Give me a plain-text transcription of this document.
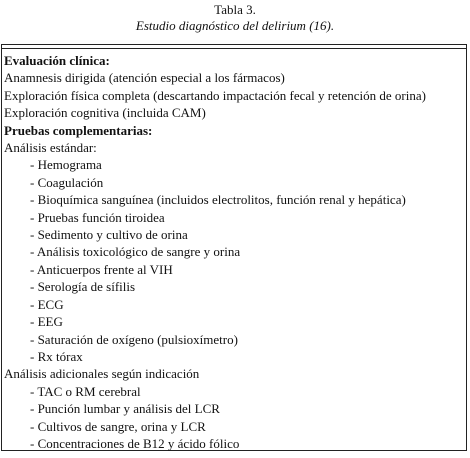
Tabla 3.
Estudio diagnóstico del delirium (16).
Evaluación clínica:
Anamnesis dirigida (atención especial a los fármacos)
Exploración física completa (descartando impactación fecal y retención de orina)
Exploración cognitiva (incluida CAM)
Pruebas complementarias:
Análisis estándar:
- Hemograma
- Coagulación
- Bioquímica sanguínea (incluidos electrolitos, función renal y hepática)
- Pruebas función tiroidea
- Sedimento y cultivo de orina
- Análisis toxicológico de sangre y orina
- Anticuerpos frente al VIH
- Serología de sífilis
- ECG
- EEG
- Saturación de oxígeno (pulsioxímetro)
- Rx tórax
Análisis adicionales según indicación
- TAC o RM cerebral
- Punción lumbar y análisis del LCR
- Cultivos de sangre, orina y LCR
- Concentraciones de B12 y ácido fólico
